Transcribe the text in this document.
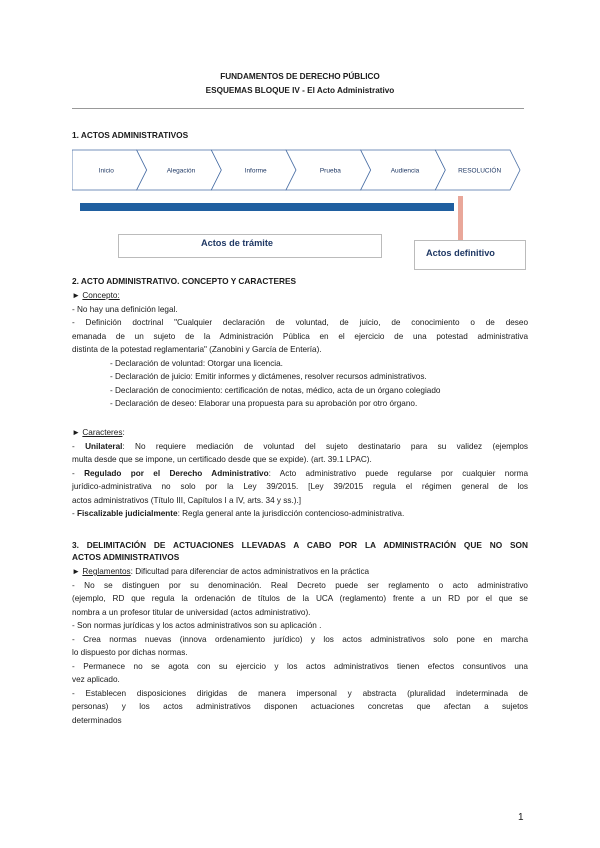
FUNDAMENTOS DE DERECHO PÚBLICO
ESQUEMAS BLOQUE IV - El Acto Administrativo
1. ACTOS ADMINISTRATIVOS
Inicio	Alegación	Informe	Prueba	Audiencia	RESOLUCIÓN
Actos de trámite
Actos definitivo
2. ACTO ADMINISTRATIVO. CONCEPTO Y CARACTERES
► Concepto:
- No hay una definición legal.
- Definición doctrinal "Cualquier declaración de voluntad, de juicio, de conocimiento o de deseo
emanada de un sujeto de la Administración Pública en el ejercicio de una potestad administrativa
distinta de la potestad reglamentaria" (Zanobini y García de Entería).
- Declaración de voluntad: Otorgar una licencia.
- Declaración de juicio: Emitir informes y dictámenes, resolver recursos administrativos.
- Declaración de conocimiento: certificación de notas, médico, acta de un órgano colegiado
- Declaración de deseo: Elaborar una propuesta para su aprobación por otro órgano.
► Caracteres:
- Unilateral: No requiere mediación de voluntad del sujeto destinatario para su validez (ejemplos
multa desde que se impone, un certificado desde que se expide). (art. 39.1 LPAC).
- Regulado por el Derecho Administrativo: Acto administrativo puede regularse por cualquier norma
jurídico-administrativa no solo por la Ley 39/2015. [Ley 39/2015 regula el régimen general de los
actos administrativos (Título III, Capítulos I a IV, arts. 34 y ss.).]
- Fiscalizable judicialmente: Regla general ante la jurisdicción contencioso-administrativa.
3. DELIMITACIÓN DE ACTUACIONES LLEVADAS A CABO POR LA ADMINISTRACIÓN QUE NO SON
ACTOS ADMINISTRATIVOS
► Reglamentos: Dificultad para diferenciar de actos administrativos en la práctica
- No se distinguen por su denominación. Real Decreto puede ser reglamento o acto administrativo
(ejemplo, RD que regula la ordenación de títulos de la UCA (reglamento) frente a un RD por el que se
nombra a un profesor titular de universidad (actos administrativo).
- Son normas jurídicas y los actos administrativos son su aplicación .
- Crea normas nuevas (innova ordenamiento jurídico) y los actos administrativos solo pone en marcha
lo dispuesto por dichas normas.
- Permanece no se agota con su ejercicio y los actos administrativos tienen efectos consuntivos una
vez aplicado.
- Establecen disposiciones dirigidas de manera impersonal y abstracta (pluralidad indeterminada de
personas) y los actos administrativos disponen actuaciones concretas que afectan a sujetos
determinados
1
